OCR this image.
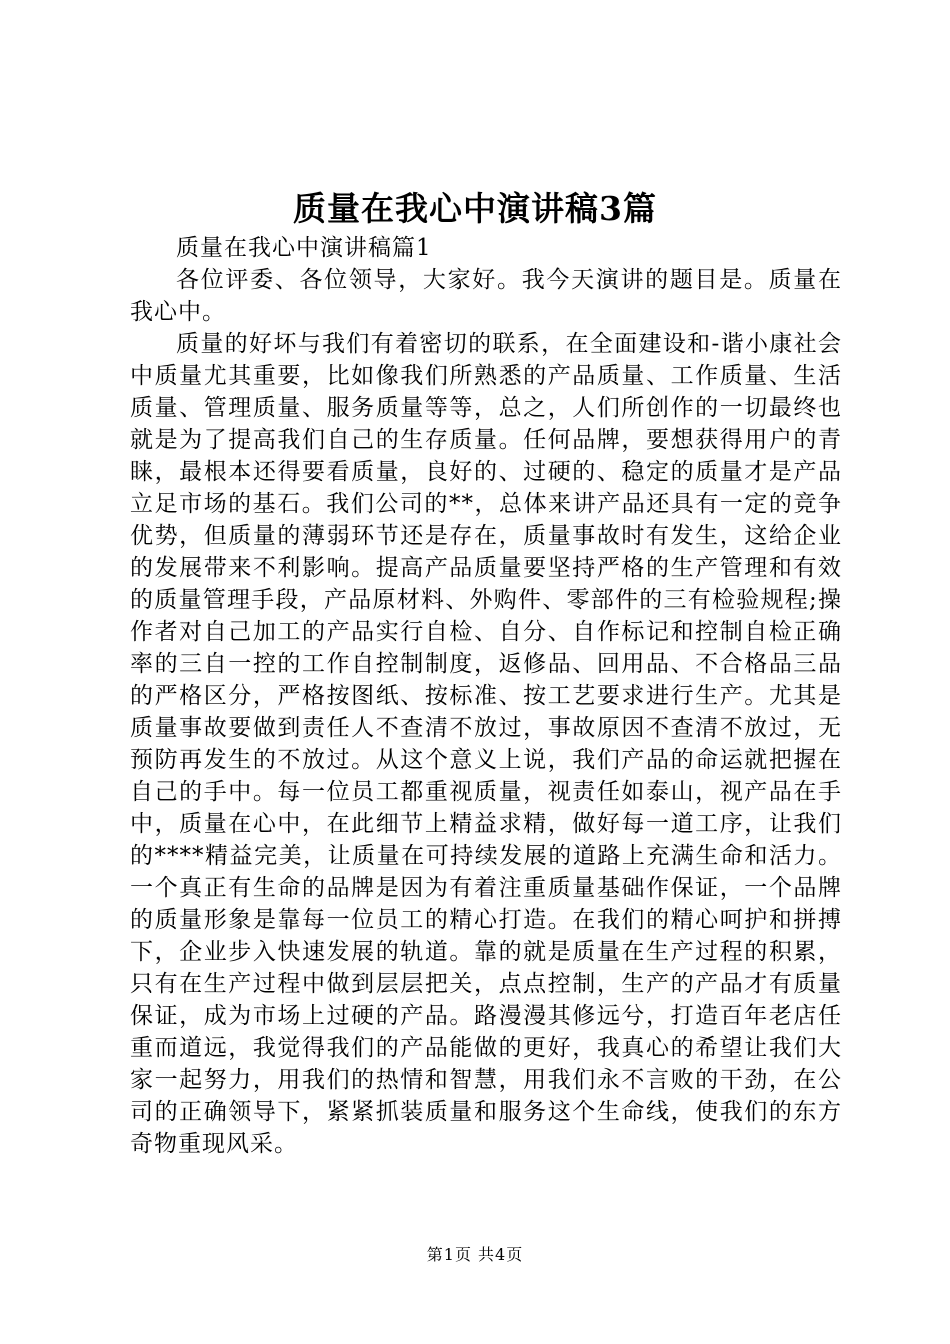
质量在我心中演讲稿3篇

质量在我心中演讲稿篇1

各位评委、各位领导，大家好。我今天演讲的题目是。质量在我心中。

质量的好坏与我们有着密切的联系，在全面建设和-谐小康社会中质量尤其重要，比如像我们所熟悉的产品质量、工作质量、生活质量、管理质量、服务质量等等，总之，人们所创作的一切最终也就是为了提高我们自己的生存质量。任何品牌，要想获得用户的青睐，最根本还得要看质量，良好的、过硬的、稳定的质量才是产品立足市场的基石。我们公司的**，总体来讲产品还具有一定的竞争优势，但质量的薄弱环节还是存在，质量事故时有发生，这给企业的发展带来不利影响。提高产品质量要坚持严格的生产管理和有效的质量管理手段，产品原材料、外购件、零部件的三有检验规程;操作者对自己加工的产品实行自检、自分、自作标记和控制自检正确率的三自一控的工作自控制制度，返修品、回用品、不合格品三品的严格区分，严格按图纸、按标准、按工艺要求进行生产。尤其是质量事故要做到责任人不查清不放过，事故原因不查清不放过，无预防再发生的不放过。从这个意义上说，我们产品的命运就把握在自己的手中。每一位员工都重视质量，视责任如泰山，视产品在手中，质量在心中，在此细节上精益求精，做好每一道工序，让我们的****精益完美，让质量在可持续发展的道路上充满生命和活力。一个真正有生命的品牌是因为有着注重质量基础作保证，一个品牌的质量形象是靠每一位员工的精心打造。在我们的精心呵护和拼搏下，企业步入快速发展的轨道。靠的就是质量在生产过程的积累，只有在生产过程中做到层层把关，点点控制，生产的产品才有质量保证，成为市场上过硬的产品。路漫漫其修远兮，打造百年老店任重而道远，我觉得我们的产品能做的更好，我真心的希望让我们大家一起努力，用我们的热情和智慧，用我们永不言败的干劲，在公司的正确领导下，紧紧抓装质量和服务这个生命线，使我们的东方奇物重现风采。

第1页 共4页
